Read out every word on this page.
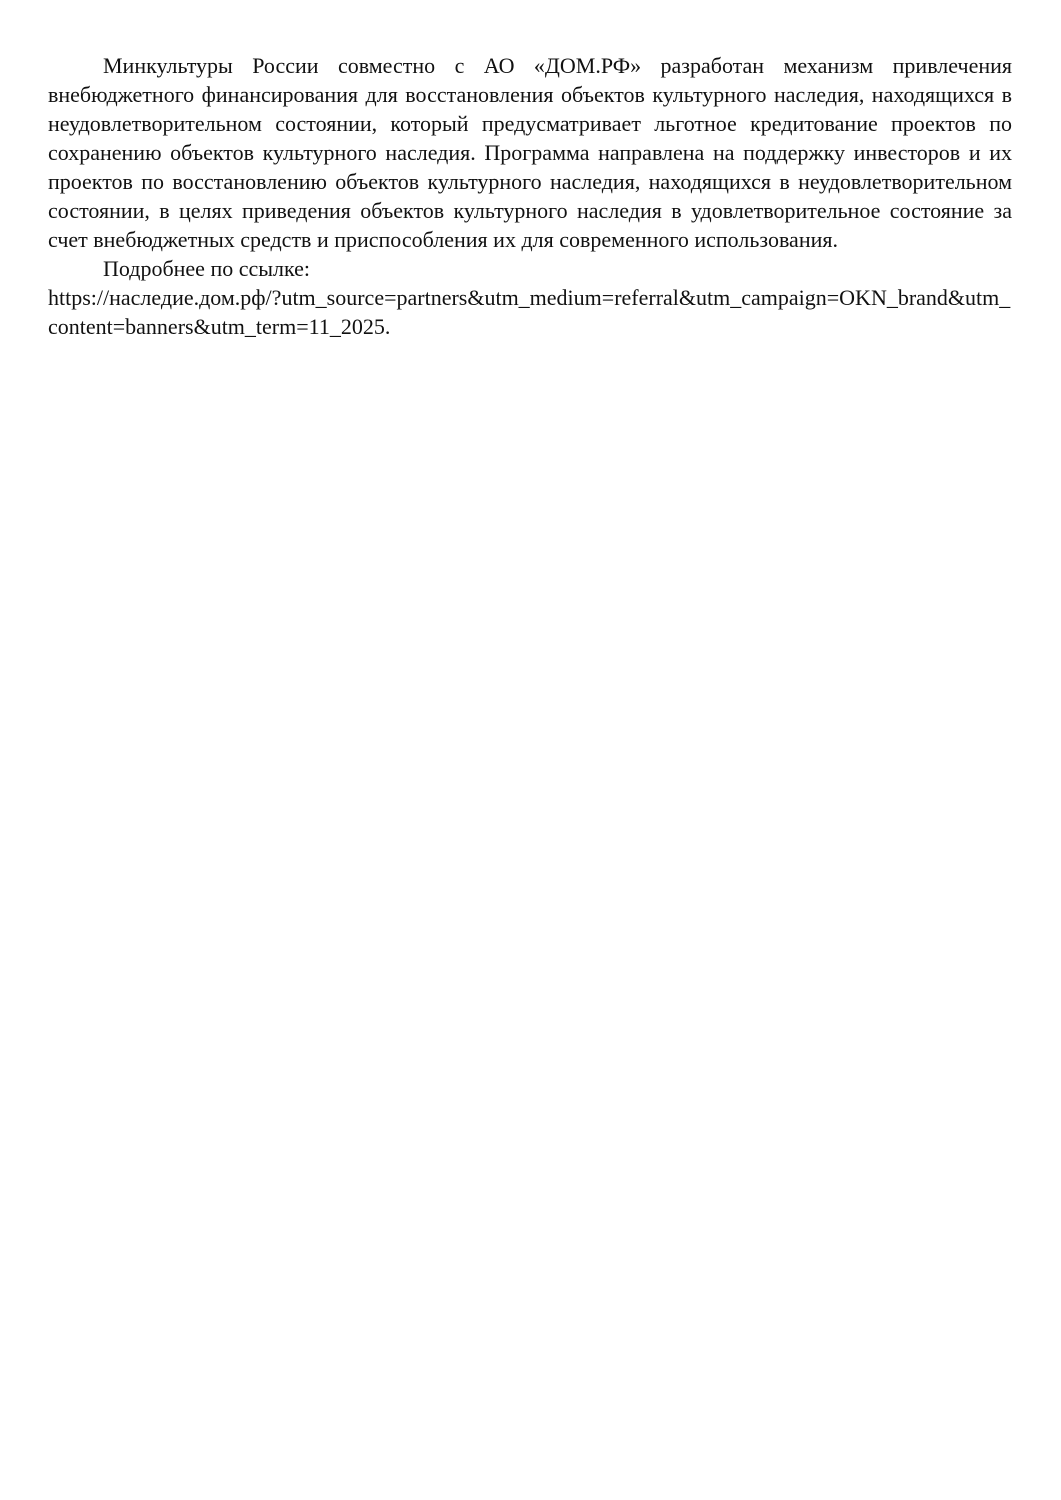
Минкультуры России совместно с АО «ДОМ.РФ» разработан механизм привлечения внебюджетного финансирования для восстановления объектов культурного наследия, находящихся в неудовлетворительном состоянии, который предусматривает льготное кредитование проектов по сохранению объектов культурного наследия. Программа направлена на поддержку инвесторов и их проектов по восстановлению объектов культурного наследия, находящихся в неудовлетворительном состоянии, в целях приведения объектов культурного наследия в удовлетворительное состояние за счет внебюджетных средств и приспособления их для современного использования.

Подробнее по ссылке:

https://наследие.дом.рф/?utm_source=partners&utm_medium=referral&utm_campaign=OKN_brand&utm_content=banners&utm_term=11_2025.
